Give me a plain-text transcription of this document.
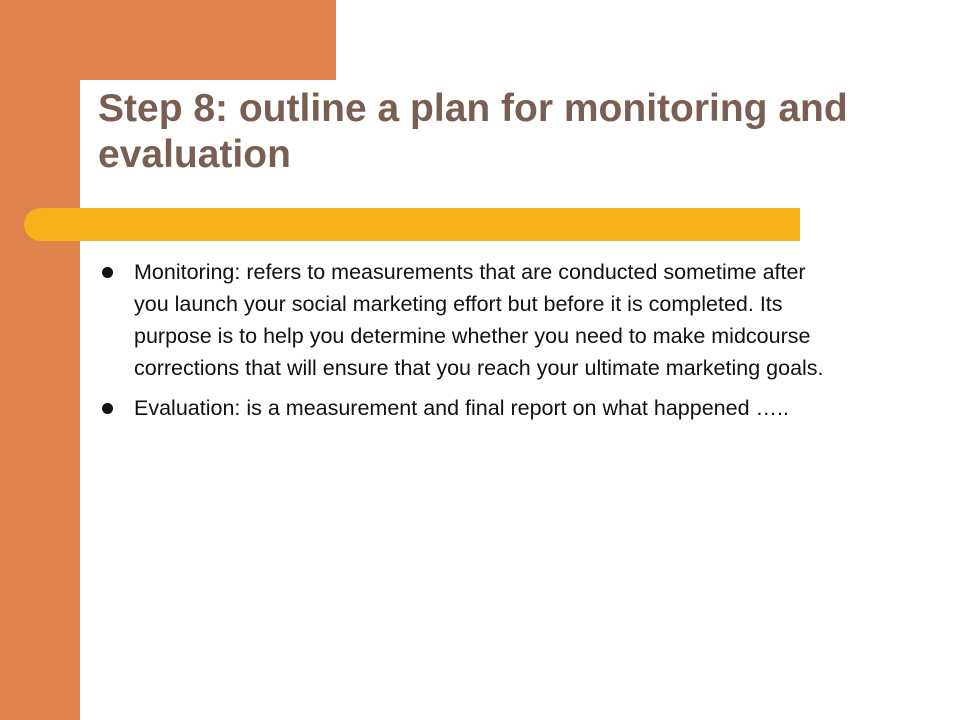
Step 8: outline a plan for monitoring and evaluation
Monitoring: refers to measurements that are conducted sometime after you launch your social marketing effort but before it is completed. Its purpose is to help you determine whether you need to make midcourse corrections that will ensure that you reach your ultimate marketing goals.
Evaluation: is a measurement and final report on what happened …..
